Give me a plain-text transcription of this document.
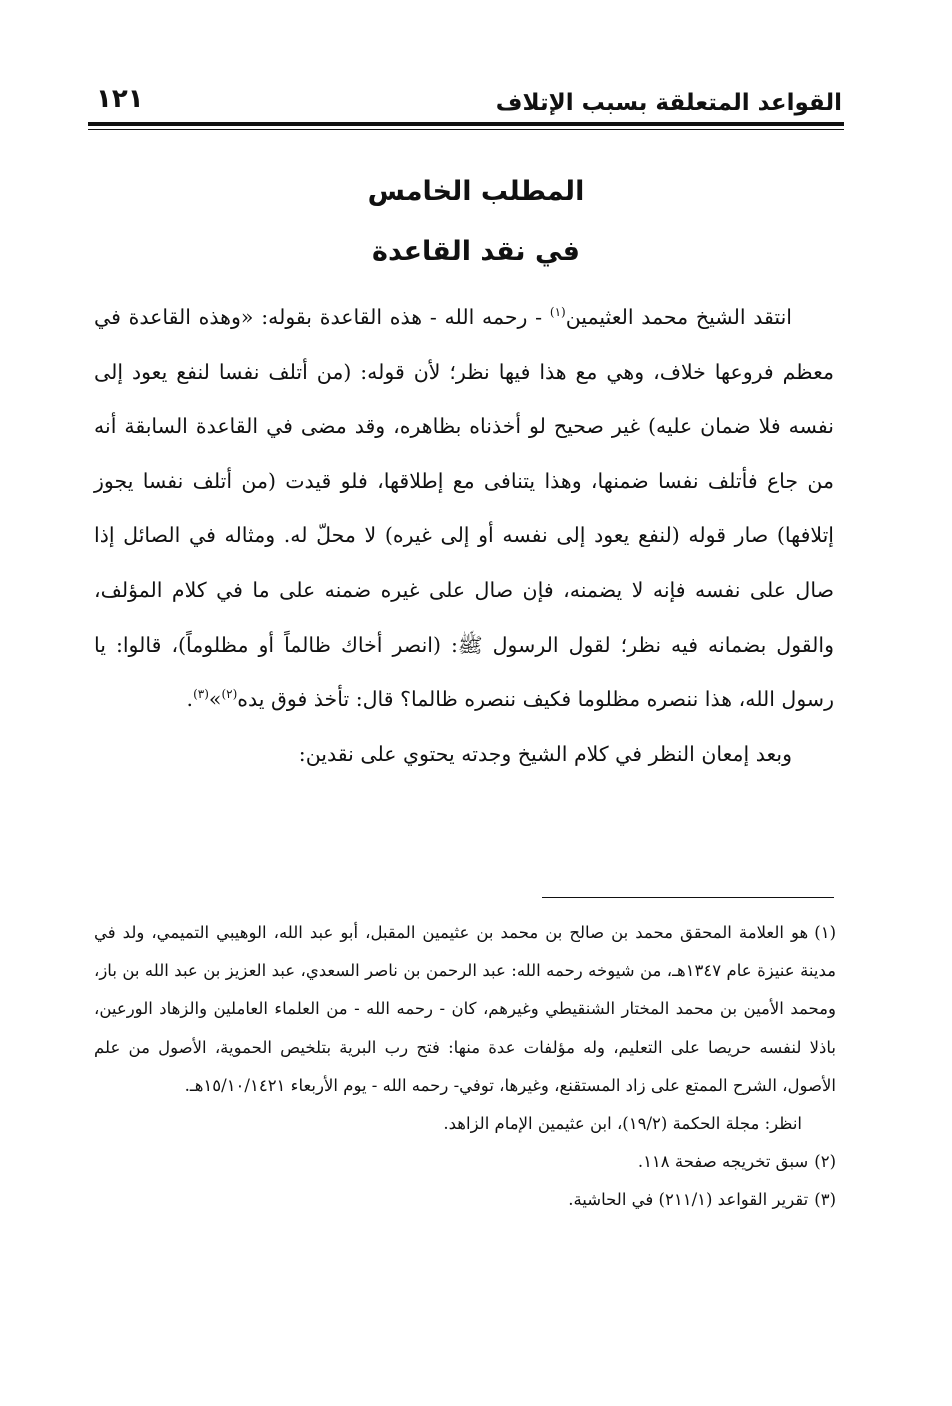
القواعد المتعلقة بسبب الإتلاف
١٢١
المطلب الخامس
في نقد القاعدة

انتقد الشيخ محمد العثيمين$^{(١)}$ - رحمه الله - هذه القاعدة بقوله: «وهذه القاعدة في معظم فروعها خلاف، وهي مع هذا فيها نظر؛ لأن قوله: (من أتلف نفسا لنفع يعود إلى نفسه فلا ضمان عليه) غير صحيح لو أخذناه بظاهره، وقد مضى في القاعدة السابقة أنه من جاع فأتلف نفسا ضمنها، وهذا يتنافى مع إطلاقها، فلو قيدت (من أتلف نفسا يجوز إتلافها) صار قوله (لنفع يعود إلى نفسه أو إلى غيره) لا محلّ له. ومثاله في الصائل إذا صال على نفسه فإنه لا يضمنه، فإن صال على غيره ضمنه على ما في كلام المؤلف، والقول بضمانه فيه نظر؛ لقول الرسول ﷺ: (انصر أخاك ظالماً أو مظلوماً)، قالوا: يا رسول الله، هذا ننصره مظلوما فكيف ننصره ظالما؟ قال: تأخذ فوق يده$^{(٢)}$»$^{(٣)}$.

وبعد إمعان النظر في كلام الشيخ وجدته يحتوي على نقدين:

(١)هو العلامة المحقق محمد بن صالح بن محمد بن عثيمين المقبل، أبو عبد الله، الوهيبي التميمي، ولد في مدينة عنيزة عام ١٣٤٧هـ، من شيوخه رحمه الله: عبد الرحمن بن ناصر السعدي، عبد العزيز بن عبد الله بن باز، ومحمد الأمين بن محمد المختار الشنقيطي وغيرهم، كان - رحمه الله - من العلماء العاملين والزهاد الورعين، باذلا لنفسه حريصا على التعليم، وله مؤلفات عدة منها: فتح رب البرية بتلخيص الحموية، الأصول من علم الأصول، الشرح الممتع على زاد المستقنع، وغيرها، توفي- رحمه الله - يوم الأربعاء ١٥/١٠/١٤٢١هـ.
انظر: مجلة الحكمة (١٩/٢)، ابن عثيمين الإمام الزاهد.
(٢)سبق تخريجه صفحة ١١٨.
(٣)تقرير القواعد (٢١١/١) في الحاشية.
